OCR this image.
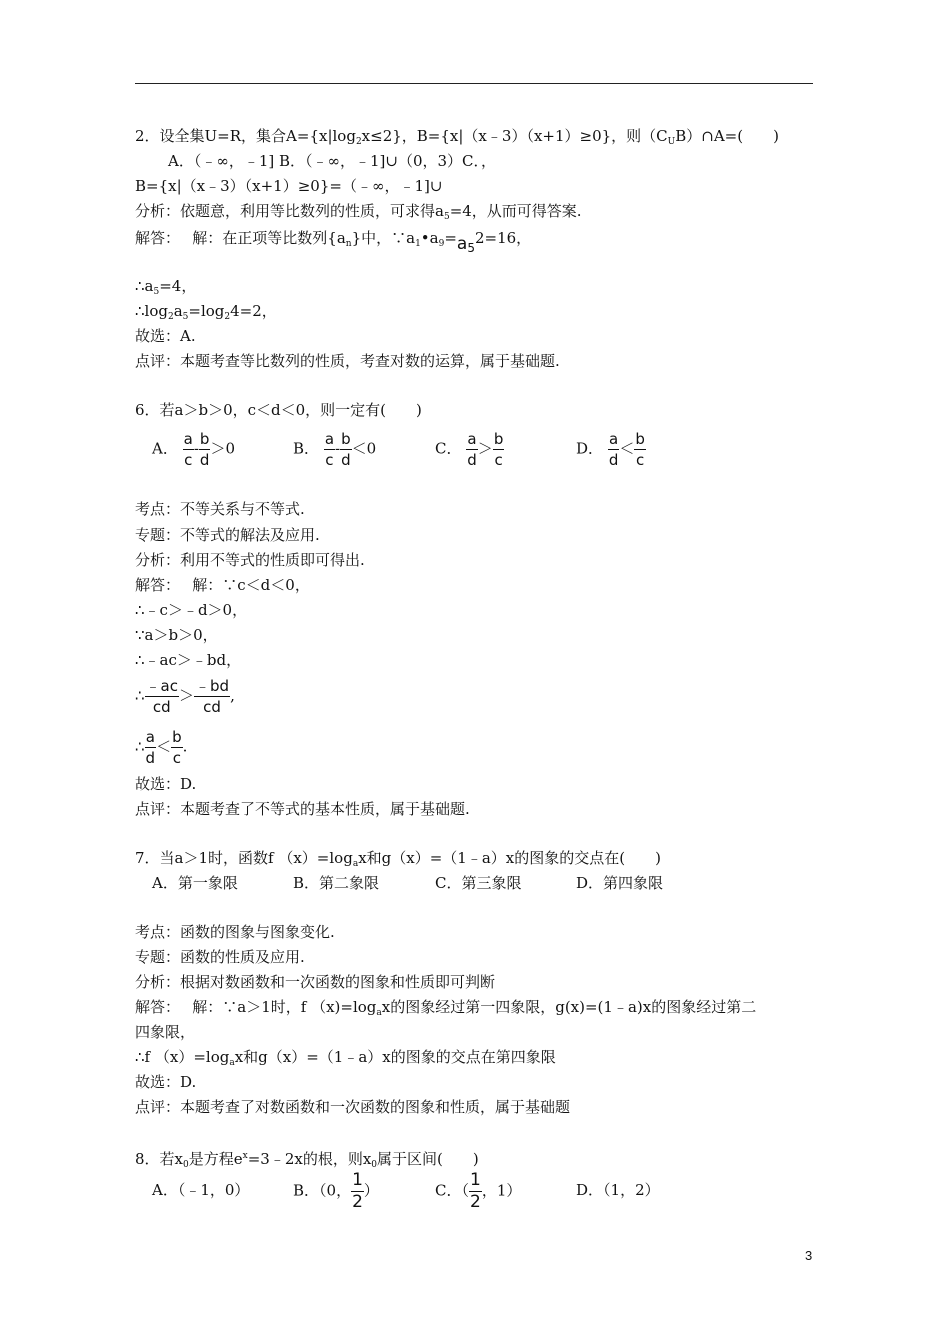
2．设全集U=R，集合$A=\{x|\log_2x\le 2\}$，B={x|（x﹣3）（x+1）≥0}，则$(C_UB)\cap A=$(　　)
A．（﹣∞，﹣1] B．（﹣∞，﹣1]∪（0，3）C．，
B={x|（x﹣3）（x+1）≥0}=（﹣∞，﹣1]∪
分析：依题意，利用等比数列的性质，可求得$a_5=4$，从而可得答案.
解答：　 解：在正项等比数列$\{a_n\}$中，$\because a_1•a_9=a_52=16$，
$\therefore a_5=4$，
$\therefore\log_2a_5=\log_24=2$，
故选：A.
点评：本题考查等比数列的性质，考查对数的运算，属于基础题.
6．若a＞b＞0，c＜d＜0，则一定有(　　)
A． $\frac{a}{c} - \frac{b}{d} >0$	B． $\frac{a}{c} - \frac{b}{d} <0$	C． $\frac{a}{d} > \frac{b}{c}$	D． $\frac{a}{d} < \frac{b}{c}$
考点：不等关系与不等式.
专题：不等式的解法及应用.
分析：利用不等式的性质即可得出.
解答：　 解：∵c＜d＜0，
∴﹣c＞﹣d＞0，
∵a＞b＞0，
∴﹣ac＞﹣bd，
∴ $\frac{﹣ac}{cd} > \frac{﹣bd}{cd}$ ,
∴ $\frac{a}{d} < \frac{b}{c}$ .
故选：D.
点评：本题考查了不等式的基本性质，属于基础题.
7．当a＞1时，函数f $(x)=\log_ax$和g（x）=（1﹣a）x的图象的交点在(　　)
A．第一象限	B．第二象限	C．第三象限	D．第四象限
考点：函数的图象与图象变化.
专题：函数的性质及应用.
分析：根据对数函数和一次函数的图象和性质即可判断
解答：　 解：∵a＞1时，f $(x)=\log_ax$的图象经过第一四象限，g(x)=(1﹣a)x的图象经过第二
四象限，
∴f $(x)=\log_ax$和g（x）=（1﹣a）x的图象的交点在第四象限
故选：D.
点评：本题考查了对数函数和一次函数的图象和性质，属于基础题
8．若$x_0$是方程$e^x=3﹣2x$的根，则$x_0$属于区间(　　)
A．（﹣1，0）	B．（0， $\frac{1}{2}$ ）	C．（ $\frac{1}{2}$ ，1）	D．（1，2）
3
